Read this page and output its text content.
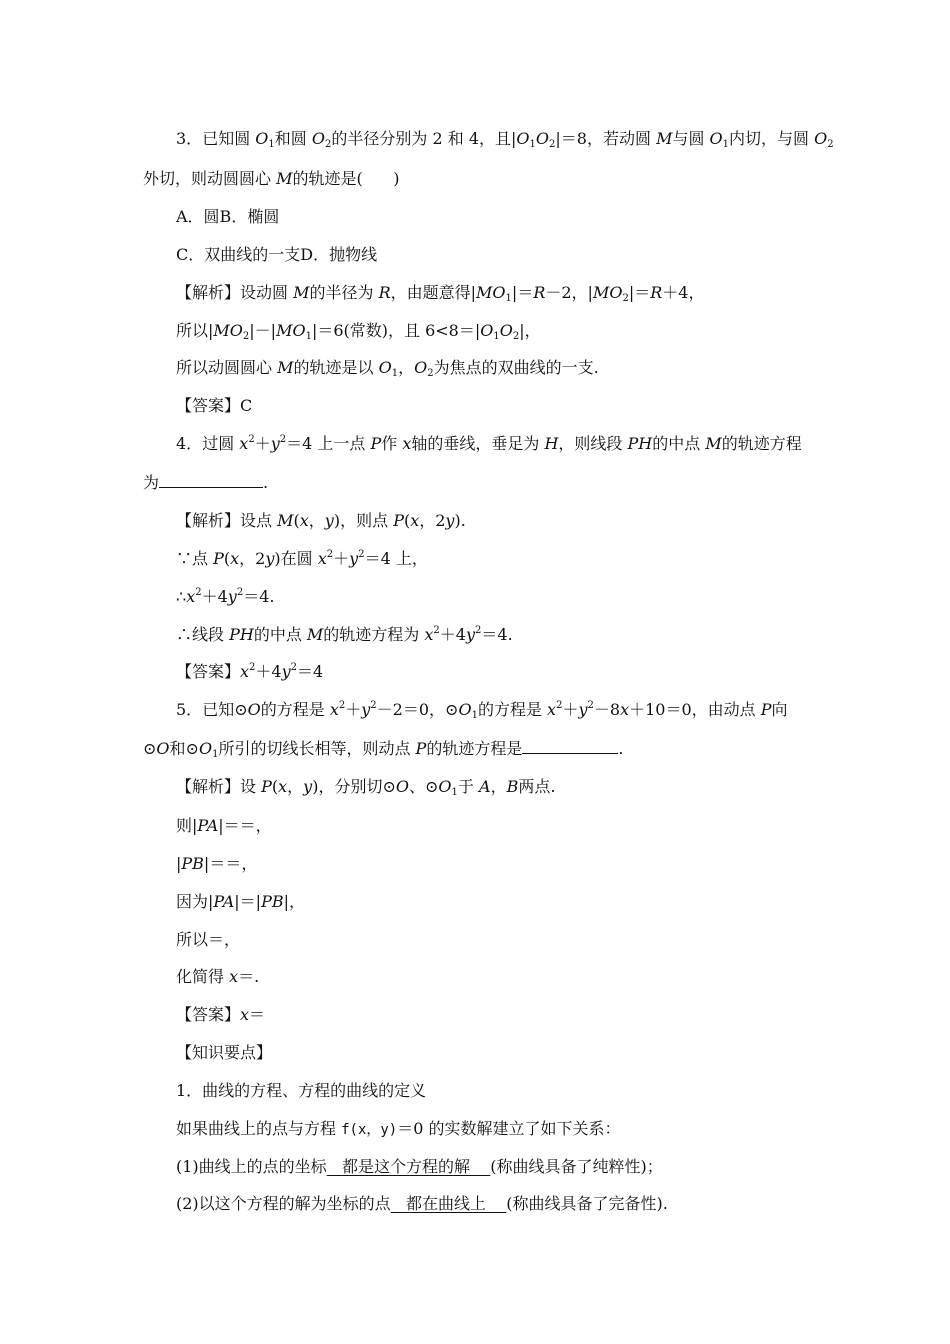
3．已知圆 $O_1$和圆 $O_2$的半径分别为 2 和 4，且$|O_1O_2|=8$，若动圆 M与圆 $O_1$内切，与圆 $O_2$
外切，则动圆圆心 M的轨迹是(      )
A．圆B．椭圆
C．双曲线的一支D．抛物线
【解析】设动圆 M的半径为 R，由题意得$|MO_1|=R-2$，$|MO_2|=R+4$，
所以$|MO_2|-|MO_1|=6$(常数)，且 $6<8=|O_1O_2|$，
所以动圆圆心 M的轨迹是以 $O_1$，$O_2$为焦点的双曲线的一支.
【答案】C
4．过圆 $x^2+y^2=4$ 上一点 P作 x轴的垂线，垂足为 H，则线段 PH的中点 M的轨迹方程
为	.
【解析】设点 M(x，y)，则点 P(x，2y).
∵点 P(x，2y)在圆 $x^2+y^2=4$ 上，
$\therefore x^2+4y^2=4$.
∴线段 PH的中点 M的轨迹方程为 $x^2+4y^2=4$.
【答案】$x^2+4y^2=4$
5．已知⊙O的方程是 $x^2+y^2-2=0$，$⊙O_1$的方程是 $x^2+y^2-8x+10=0$，由动点 P向
⊙O和$⊙O_1$所引的切线长相等，则动点 P的轨迹方程是	.
【解析】设 P(x，y)，分别切⊙O、$⊙O_1$于 A，B两点.
则|PA|＝＝，
|PB|＝＝，
因为|PA|＝|PB|，
所以＝，
化简得 x＝.
【答案】x＝
【知识要点】
1．曲线的方程、方程的曲线的定义
如果曲线上的点与方程 f(x，y)＝0 的实数解建立了如下关系：
(1)曲线上的点的坐标 都是这个方程的解 (称曲线具备了纯粹性)；
(2)以这个方程的解为坐标的点 都在曲线上 (称曲线具备了完备性).
